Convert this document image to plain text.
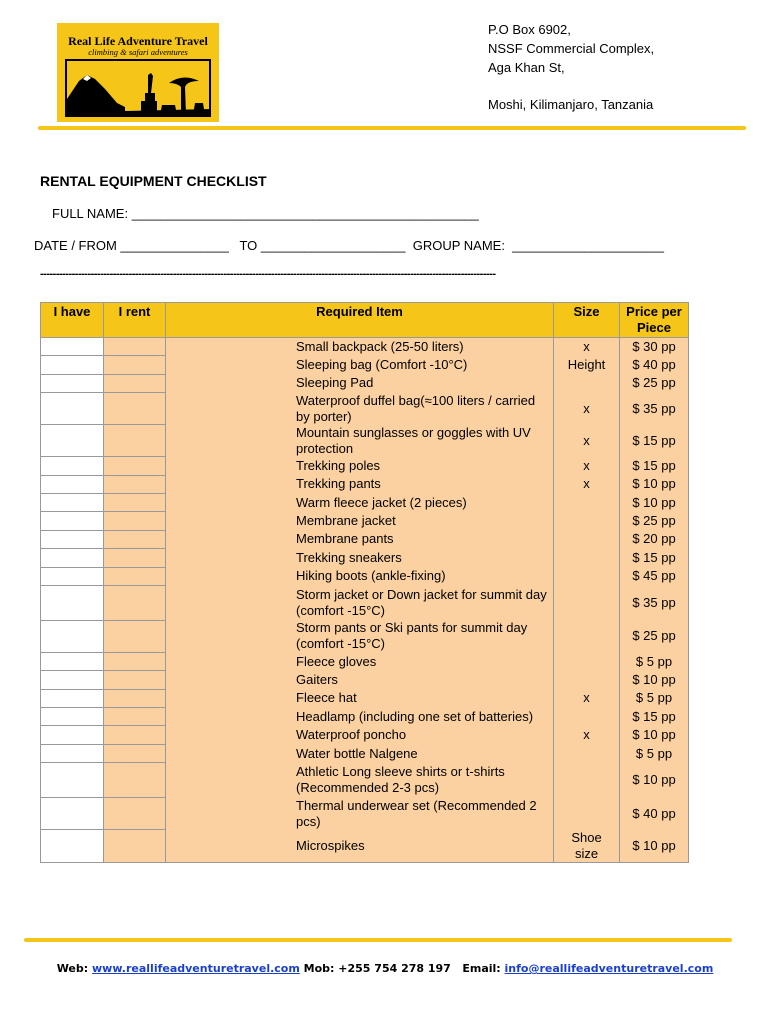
Real Life Adventure Travel
climbing & safari adventures
P.O Box 6902,
NSSF Commercial Complex,
Aga Khan St,
Moshi, Kilimanjaro, Tanzania
RENTAL EQUIPMENT CHECKLIST
FULL NAME: ________________________________________________
DATE / FROM _______________   TO ____________________  GROUP NAME:  _____________________
------------------------------------------------------------------------------------------------------------------------------------------------
I have	I rent	Required Item	Size	Price per Piece
		Small backpack (25-50 liters)	x	$ 30 pp
		Sleeping bag (Comfort -10°C)	Height	$ 40 pp
		Sleeping Pad		$ 25 pp
		Waterproof duffel bag(≈100 liters / carried by porter)	x	$ 35 pp
		Mountain sunglasses or goggles with UV protection	x	$ 15 pp
		Trekking poles	x	$ 15 pp
		Trekking pants	x	$ 10 pp
		Warm fleece jacket (2 pieces)		$ 10 pp
		Membrane jacket		$ 25 pp
		Membrane pants		$ 20 pp
		Trekking sneakers		$ 15 pp
		Hiking boots (ankle-fixing)		$ 45 pp
		Storm jacket or Down jacket for summit day (comfort -15°C)		$ 35 pp
		Storm pants or Ski pants for summit day (comfort -15°C)		$ 25 pp
		Fleece gloves		$ 5 pp
		Gaiters		$ 10 pp
		Fleece hat	x	$ 5 pp
		Headlamp (including one set of batteries)		$ 15 pp
		Waterproof poncho	x	$ 10 pp
		Water bottle Nalgene		$ 5 pp
		Athletic Long sleeve shirts or t-shirts (Recommended 2-3 pcs)		$ 10 pp
		Thermal underwear set (Recommended 2 pcs)		$ 40 pp
		Microspikes	Shoe size	$ 10 pp
Web: www.reallifeadventuretravel.com Mob: +255 754 278 197 Email: info@reallifeadventuretravel.com
